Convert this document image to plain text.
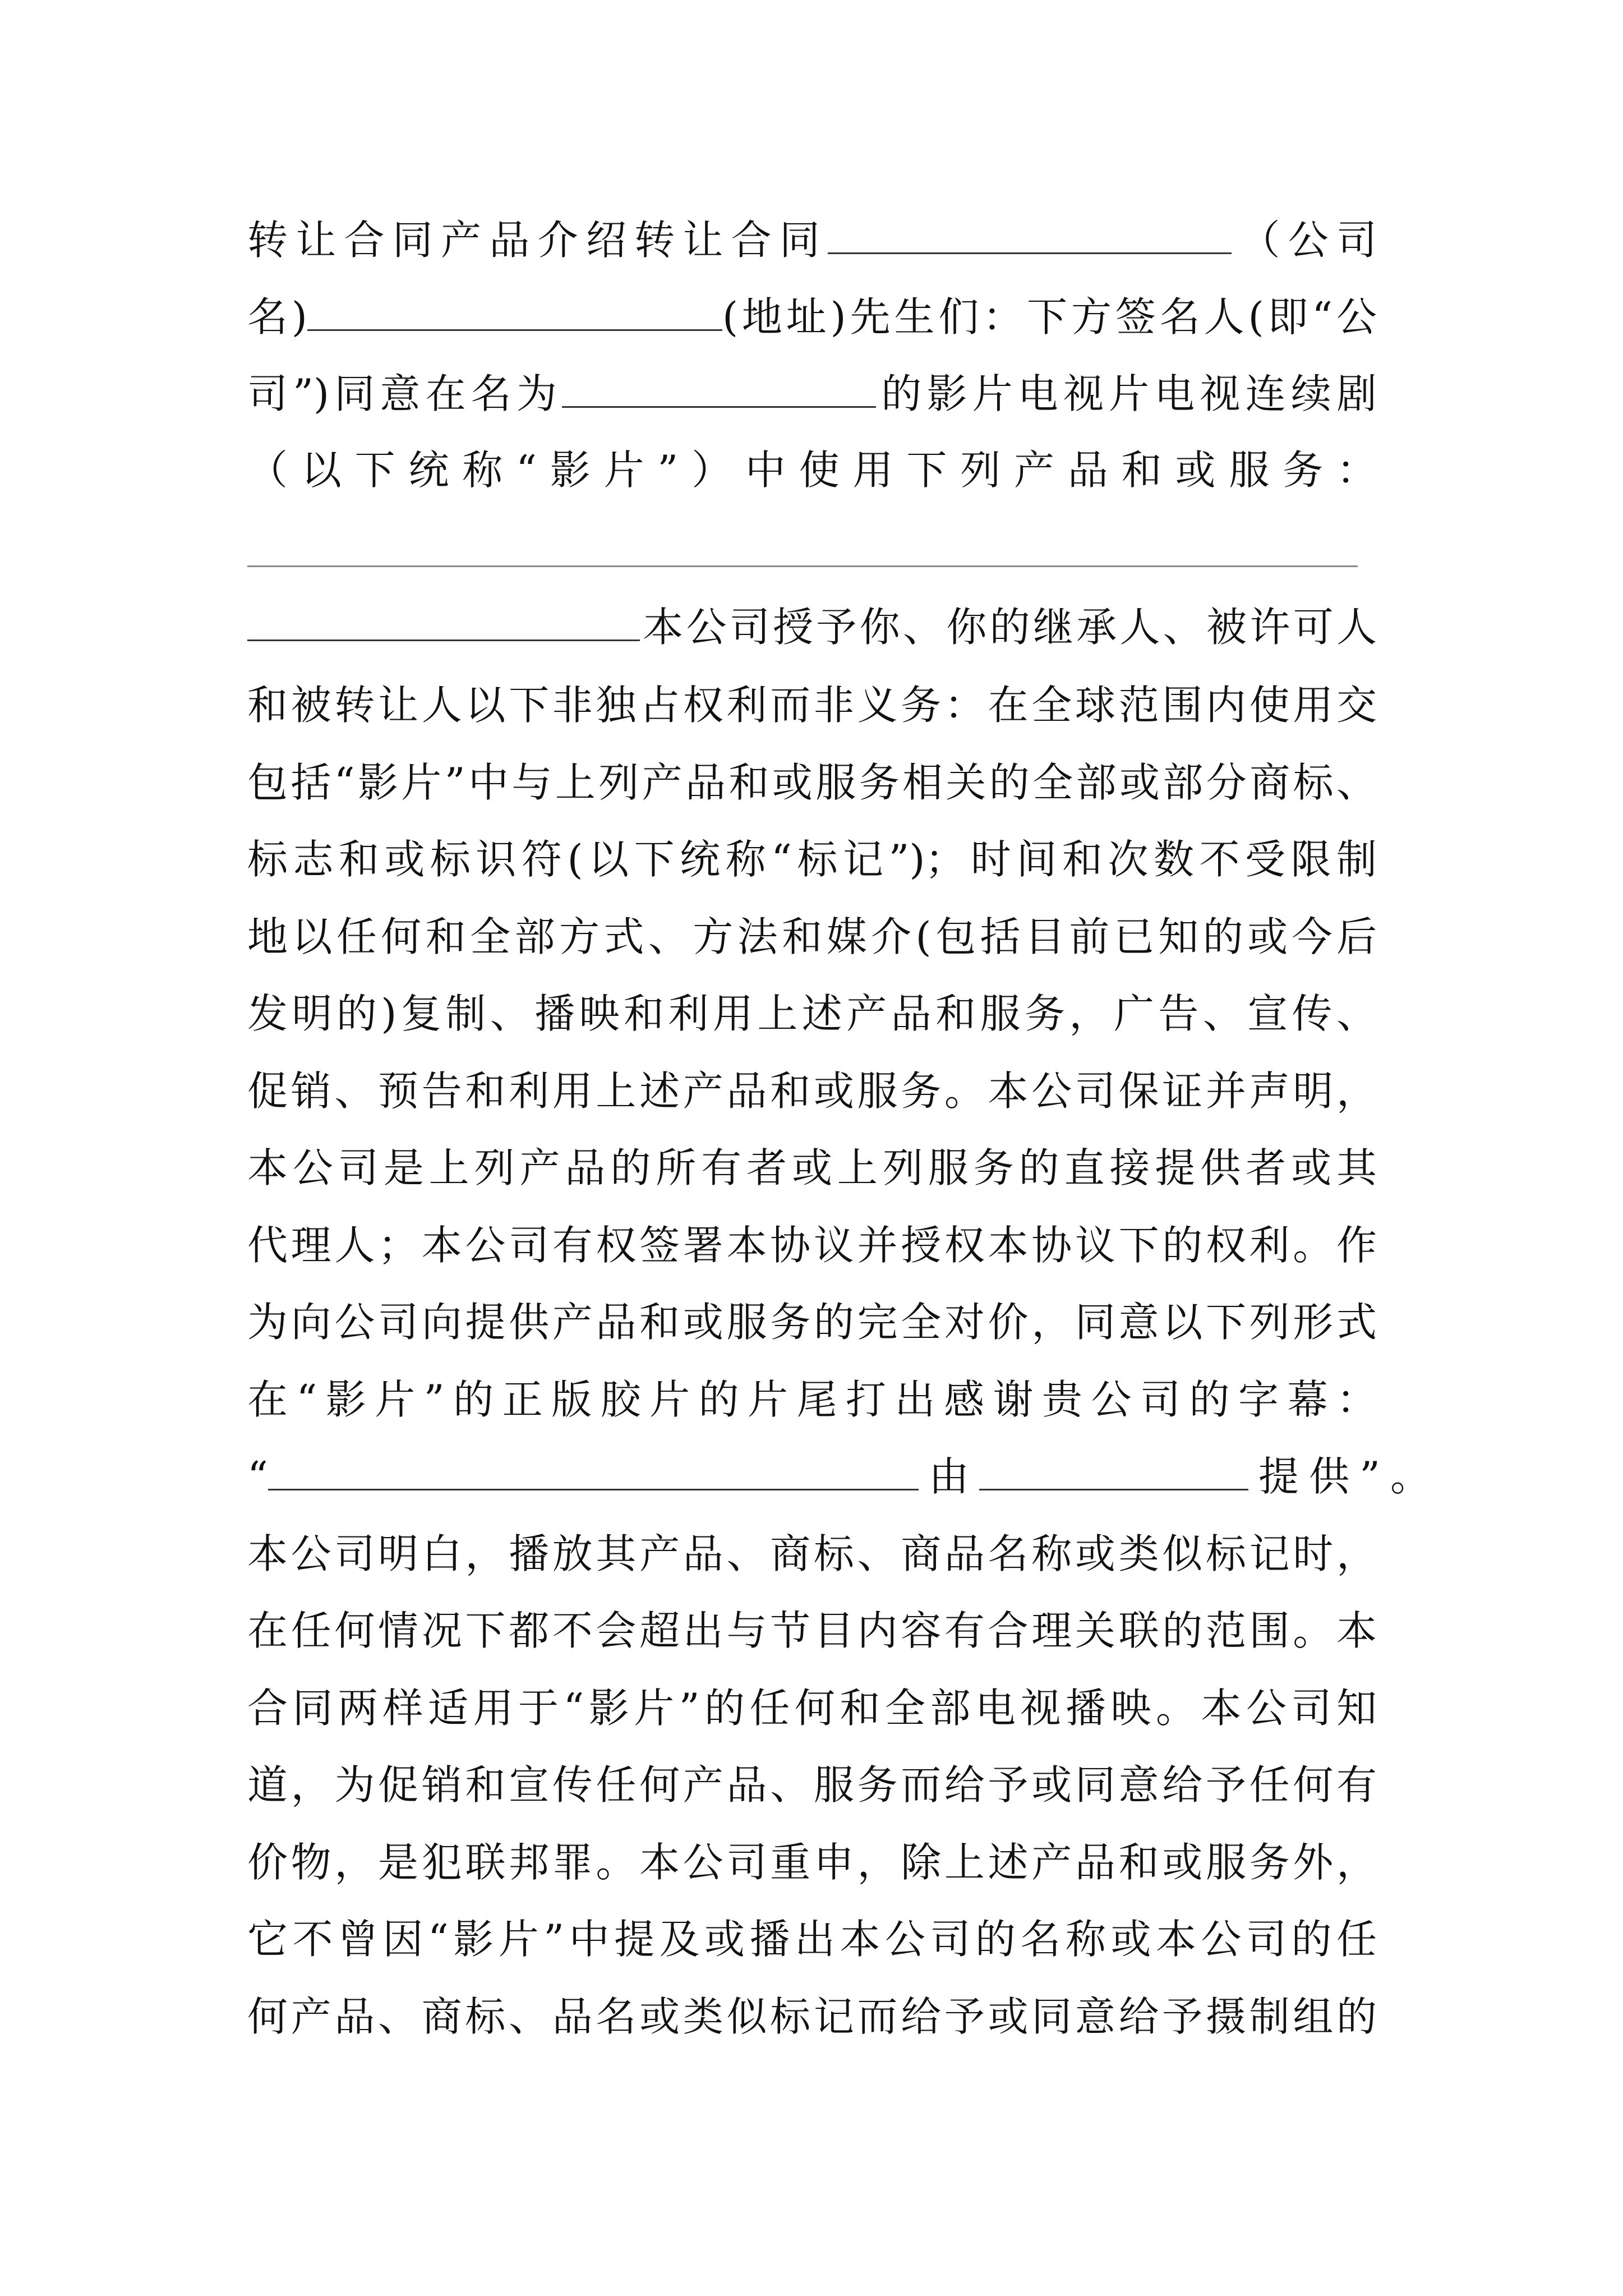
转让合同产品介绍转让合同	（公司
名)	(地址)先生们：下方签名人(即“公
司”)同意在名为	的影片电视片电视连续剧
（以下统称“影片”）中使用下列产品和或服务：
本公司授予你、你的继承人、被许可人
和被转让人以下非独占权利而非义务：在全球范围内使用交
包括“影片”中与上列产品和或服务相关的全部或部分商标、
标志和或标识符(以下统称“标记”)；时间和次数不受限制
地以任何和全部方式、方法和媒介(包括目前已知的或今后
发明的)复制、播映和利用上述产品和服务，广告、宣传、
促销、预告和利用上述产品和或服务。本公司保证并声明，
本公司是上列产品的所有者或上列服务的直接提供者或其
代理人；本公司有权签署本协议并授权本协议下的权利。作
为向公司向提供产品和或服务的完全对价，同意以下列形式
在“影片”的正版胶片的片尾打出感谢贵公司的字幕：
“	由	提供”。
本公司明白，播放其产品、商标、商品名称或类似标记时，
在任何情况下都不会超出与节目内容有合理关联的范围。本
合同两样适用于“影片”的任何和全部电视播映。本公司知
道，为促销和宣传任何产品、服务而给予或同意给予任何有
价物，是犯联邦罪。本公司重申，除上述产品和或服务外，
它不曾因“影片”中提及或播出本公司的名称或本公司的任
何产品、商标、品名或类似标记而给予或同意给予摄制组的
